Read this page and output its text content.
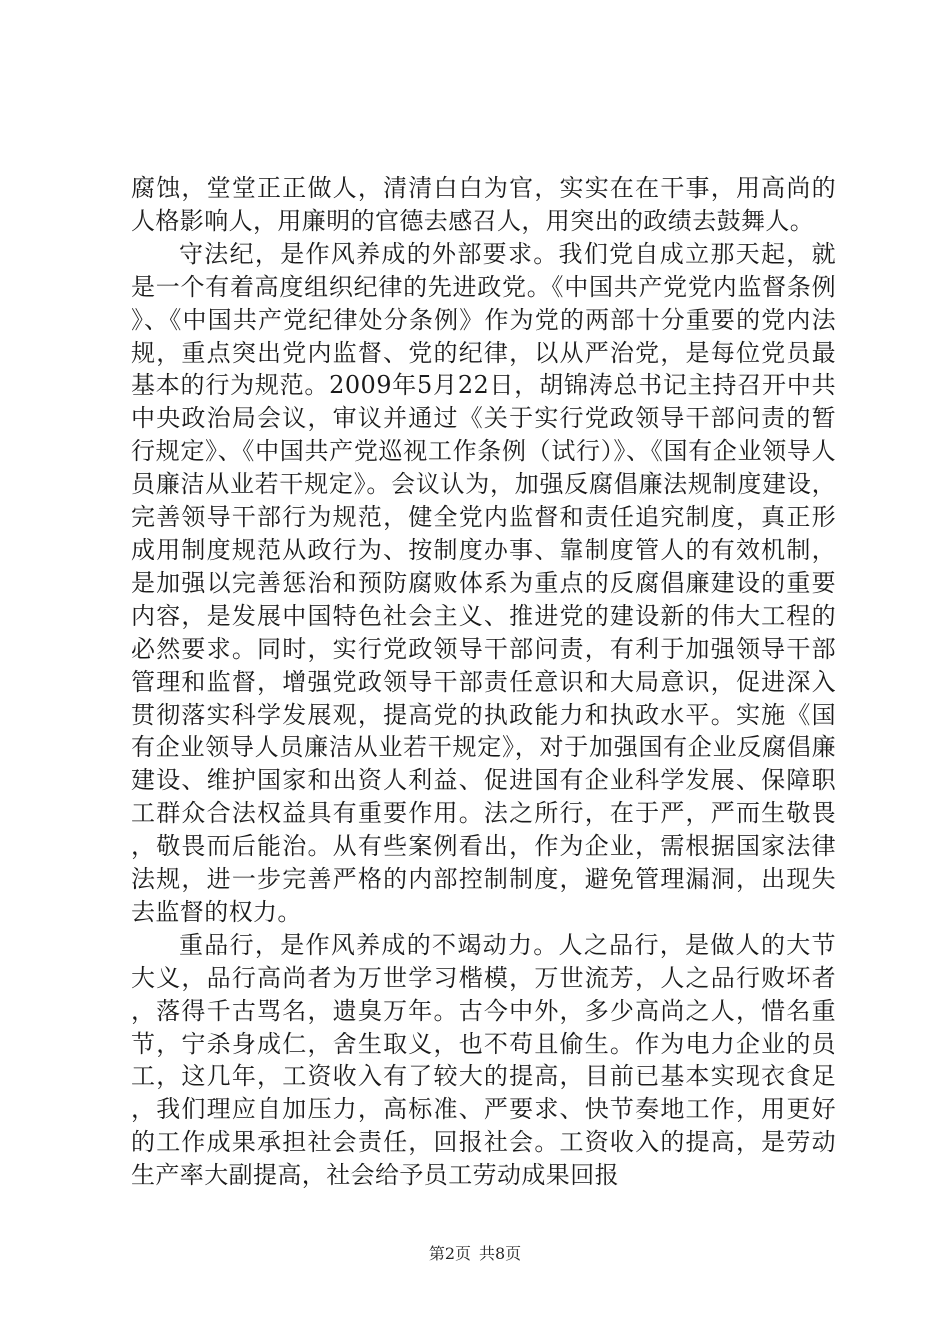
腐蚀，堂堂正正做人，清清白白为官，实实在在干事，用高尚的人格影响人，用廉明的官德去感召人，用突出的政绩去鼓舞人。

守法纪，是作风养成的外部要求。我们党自成立那天起，就是一个有着高度组织纪律的先进政党。《中国共产党党内监督条例》、《中国共产党纪律处分条例》作为党的两部十分重要的党内法规，重点突出党内监督、党的纪律，以从严治党，是每位党员最基本的行为规范。2009年5月22日，胡锦涛总书记主持召开中共中央政治局会议，审议并通过《关于实行党政领导干部问责的暂行规定》、《中国共产党巡视工作条例（试行）》、《国有企业领导人员廉洁从业若干规定》。会议认为，加强反腐倡廉法规制度建设，完善领导干部行为规范，健全党内监督和责任追究制度，真正形成用制度规范从政行为、按制度办事、靠制度管人的有效机制，是加强以完善惩治和预防腐败体系为重点的反腐倡廉建设的重要内容，是发展中国特色社会主义、推进党的建设新的伟大工程的必然要求。同时，实行党政领导干部问责，有利于加强领导干部管理和监督，增强党政领导干部责任意识和大局意识，促进深入贯彻落实科学发展观，提高党的执政能力和执政水平。实施《国有企业领导人员廉洁从业若干规定》，对于加强国有企业反腐倡廉建设、维护国家和出资人利益、促进国有企业科学发展、保障职工群众合法权益具有重要作用。法之所行，在于严，严而生敬畏，敬畏而后能治。从有些案例看出，作为企业，需根据国家法律法规，进一步完善严格的内部控制制度，避免管理漏洞，出现失去监督的权力。

重品行，是作风养成的不竭动力。人之品行，是做人的大节大义，品行高尚者为万世学习楷模，万世流芳，人之品行败坏者，落得千古骂名，遗臭万年。古今中外，多少高尚之人，惜名重节，宁杀身成仁，舍生取义，也不苟且偷生。作为电力企业的员工，这几年，工资收入有了较大的提高，目前已基本实现衣食足，我们理应自加压力，高标准、严要求、快节奏地工作，用更好的工作成果承担社会责任，回报社会。工资收入的提高，是劳动生产率大副提高，社会给予员工劳动成果回报

第2页 共8页
